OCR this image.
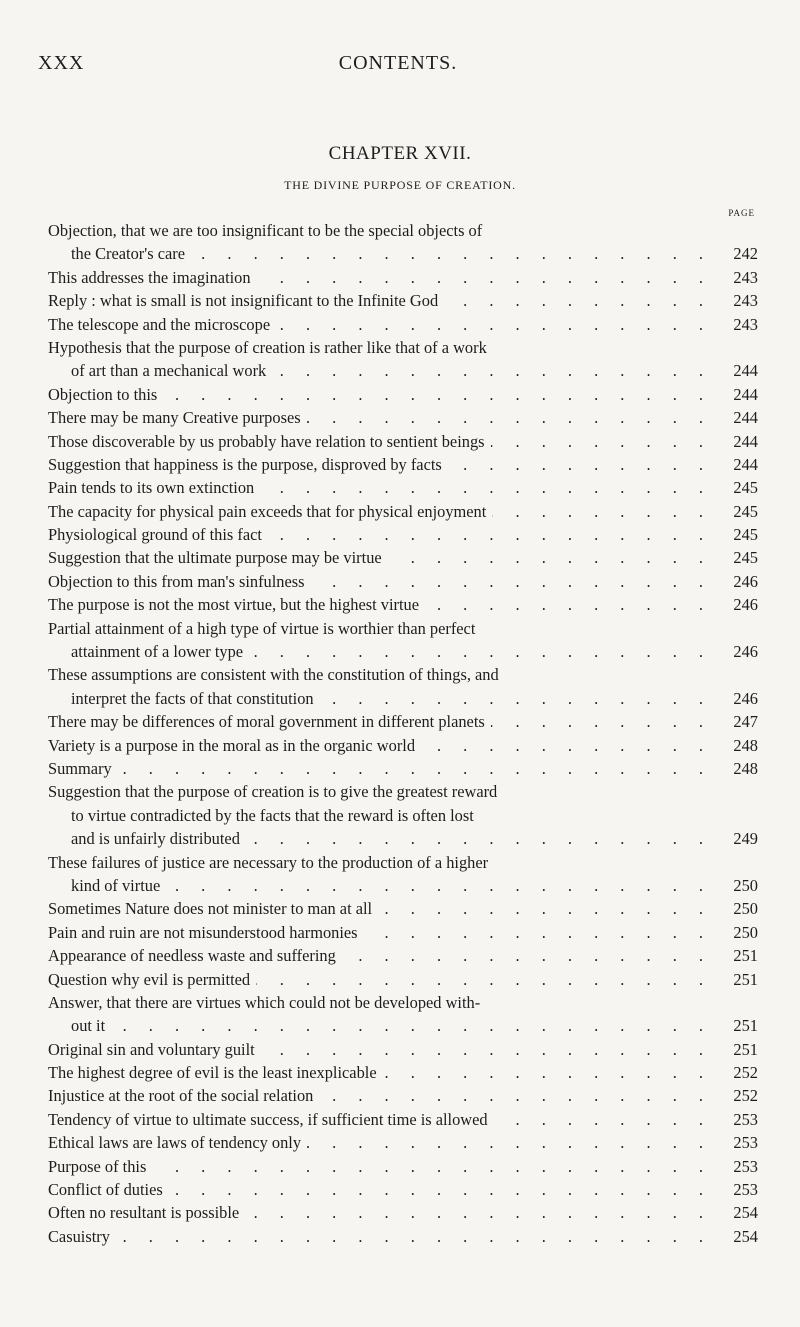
XXX	CONTENTS.
CHAPTER XVII.
THE DIVINE PURPOSE OF CREATION.
PAGE
Objection, that we are too insignificant to be the special objects of
the Creator's care . . .	242
This addresses the imagination . . .	243
Reply : what is small is not insignificant to the Infinite God . . .	243
The telescope and the microscope . . .	243
Hypothesis that the purpose of creation is rather like that of a work
of art than a mechanical work . . .	244
Objection to this . . .	244
There may be many Creative purposes . . .	244
Those discoverable by us probably have relation to sentient beings . . .	244
Suggestion that happiness is the purpose, disproved by facts . . .	244
Pain tends to its own extinction . . .	245
The capacity for physical pain exceeds that for physical enjoyment . . .	245
Physiological ground of this fact . . .	245
Suggestion that the ultimate purpose may be virtue . . .	245
Objection to this from man's sinfulness . . .	246
The purpose is not the most virtue, but the highest virtue . . .	246
Partial attainment of a high type of virtue is worthier than perfect
attainment of a lower type . . .	246
These assumptions are consistent with the constitution of things, and
interpret the facts of that constitution . . .	246
There may be differences of moral government in different planets . . .	247
Variety is a purpose in the moral as in the organic world . . .	248
Summary . . .	248
Suggestion that the purpose of creation is to give the greatest reward
to virtue contradicted by the facts that the reward is often lost
and is unfairly distributed . . .	249
These failures of justice are necessary to the production of a higher
kind of virtue . . .	250
Sometimes Nature does not minister to man at all . . .	250
Pain and ruin are not misunderstood harmonies . . .	250
Appearance of needless waste and suffering . . .	251
Question why evil is permitted . . .	251
Answer, that there are virtues which could not be developed with-
out it . . .	251
Original sin and voluntary guilt . . .	251
The highest degree of evil is the least inexplicable . . .	252
Injustice at the root of the social relation . . .	252
Tendency of virtue to ultimate success, if sufficient time is allowed . . .	253
Ethical laws are laws of tendency only . . .	253
Purpose of this . . .	253
Conflict of duties . . .	253
Often no resultant is possible . . .	254
Casuistry . . .	254
